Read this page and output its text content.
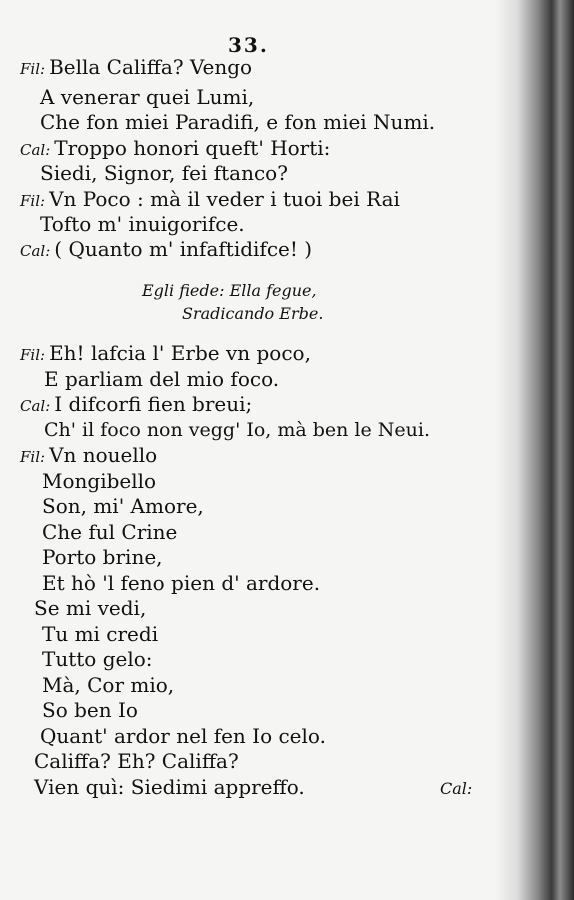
33.
Fil: Bella Califfa? Vengo
A venerar quei Lumi,
Che fon miei Paradifi, e fon miei Numi.
Cal: Troppo honori queft' Horti:
Siedi, Signor, fei ftanco?
Fil: Vn Poco : mà il veder i tuoi bei Rai
Tofto m' inuigorifce.
Cal: ( Quanto m' infaftidifce! )
Egli fiede: Ella fegue,
Sradicando Erbe.
Fil: Eh! lafcia l' Erbe vn poco,
E parliam del mio foco.
Cal: I difcorfi fien breui;
Ch' il foco non vegg' Io, mà ben le Neui.
Fil: Vn nouello
Mongibello
Son, mi' Amore,
Che ful Crine
Porto brine,
Et hò 'l feno pien d' ardore.
Se mi vedi,
Tu mi credi
Tutto gelo:
Mà, Cor mio,
So ben Io
Quant' ardor nel fen Io celo.
Califfa? Eh? Califfa?
Vien quì: Siedimi appreffo.	Cal:
